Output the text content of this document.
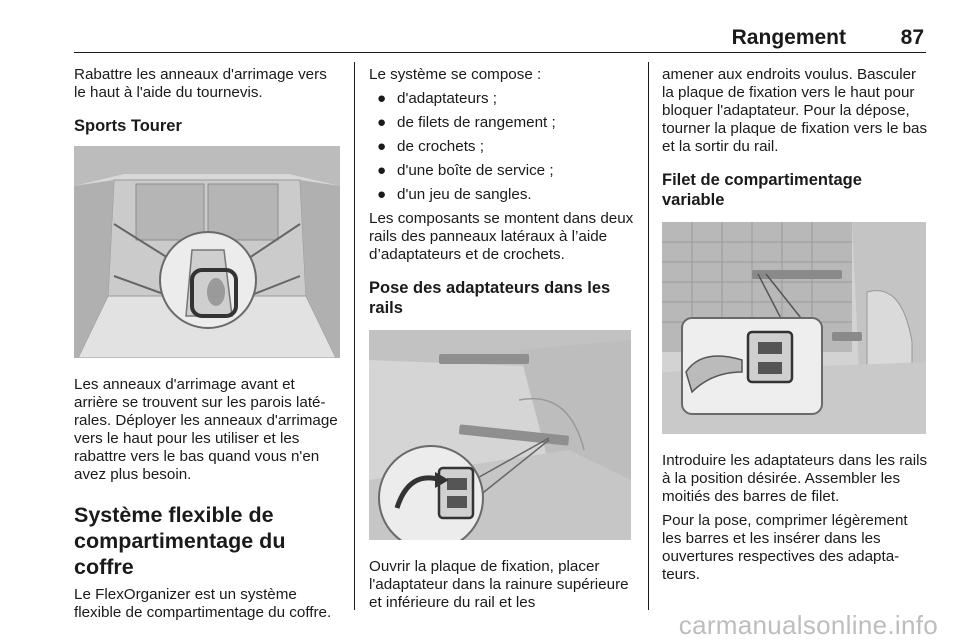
Rangement	87

Rabattre les anneaux d'arrimage vers le haut à l'aide du tournevis.

Sports Tourer

Les anneaux d'arrimage avant et arrière se trouvent sur les parois latérales. Déployer les anneaux d'arrimage vers le haut pour les utiliser et les rabattre vers le bas quand vous n'en avez plus besoin.

Système flexible de compartimentage du coffre

Le FlexOrganizer est un système flexible de compartimentage du coffre.

Le système se compose :

● d'adaptateurs ;
● de filets de rangement ;
● de crochets ;
● d'une boîte de service ;
● d'un jeu de sangles.

Les composants se montent dans deux rails des panneaux latéraux à l’aide d’adaptateurs et de crochets.

Pose des adaptateurs dans les rails

Ouvrir la plaque de fixation, placer l'adaptateur dans la rainure supérieure et inférieure du rail et les

amener aux endroits voulus. Basculer la plaque de fixation vers le haut pour bloquer l'adaptateur. Pour la dépose, tourner la plaque de fixation vers le bas et la sortir du rail.

Filet de compartimentage variable

Introduire les adaptateurs dans les rails à la position désirée. Assembler les moitiés des barres de filet.

Pour la pose, comprimer légèrement les barres et les insérer dans les ouvertures respectives des adaptateurs.

carmanualsonline.info
